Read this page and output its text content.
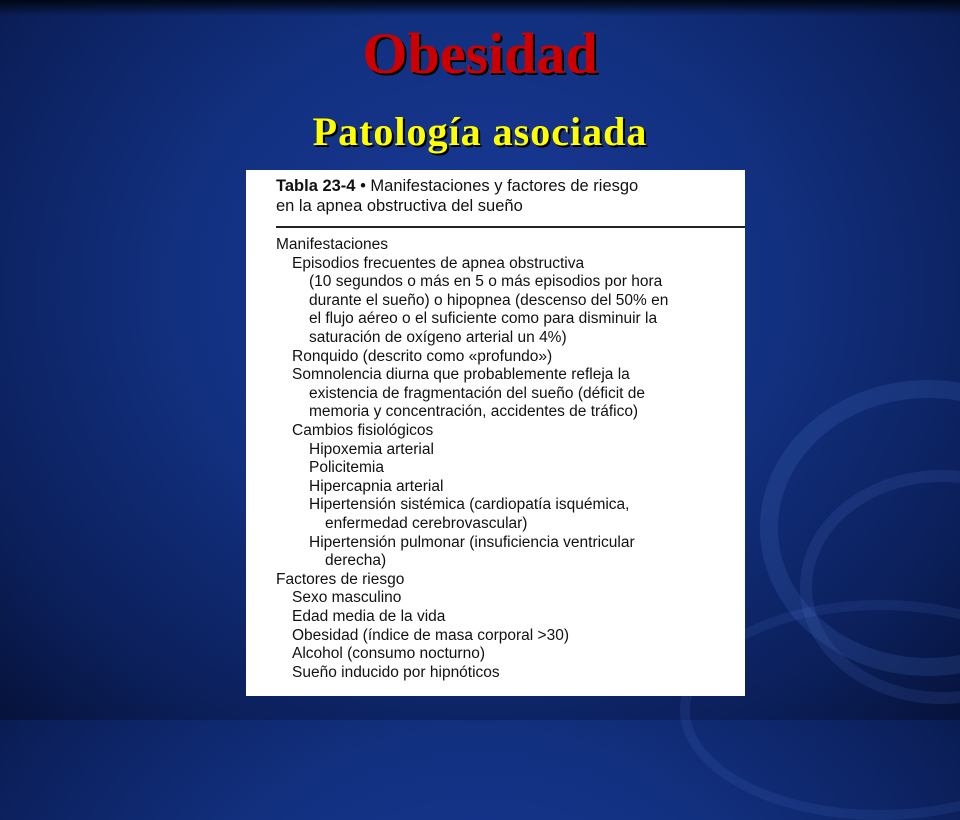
Obesidad
Patología asociada
Tabla 23-4 • Manifestaciones y factores de riesgo
en la apnea obstructiva del sueño
Manifestaciones
Episodios frecuentes de apnea obstructiva
(10 segundos o más en 5 o más episodios por hora
durante el sueño) o hipopnea (descenso del 50% en
el flujo aéreo o el suficiente como para disminuir la
saturación de oxígeno arterial un 4%)
Ronquido (descrito como «profundo»)
Somnolencia diurna que probablemente refleja la
existencia de fragmentación del sueño (déficit de
memoria y concentración, accidentes de tráfico)
Cambios fisiológicos
Hipoxemia arterial
Policitemia
Hipercapnia arterial
Hipertensión sistémica (cardiopatía isquémica,
enfermedad cerebrovascular)
Hipertensión pulmonar (insuficiencia ventricular
derecha)
Factores de riesgo
Sexo masculino
Edad media de la vida
Obesidad (índice de masa corporal >30)
Alcohol (consumo nocturno)
Sueño inducido por hipnóticos
